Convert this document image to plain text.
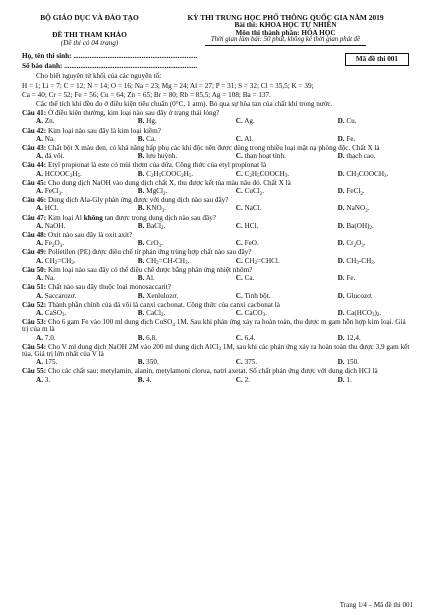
BỘ GIÁO DỤC VÀ ĐÀO TẠO
ĐỀ THI THAM KHẢO
(Đề thi có 04 trang)
KỲ THI TRUNG HỌC PHỔ THÔNG QUỐC GIA NĂM 2019
Bài thi: KHOA HỌC TỰ NHIÊN
Môn thi thành phần: HÓA HỌC
Thời gian làm bài: 50 phút, không kể thời gian phát đề
Họ, tên thí sinh: .....................................................................
Số báo danh: ..........................................................................
Mã đề thi 001
Cho biết nguyên tử khối của các nguyên tố:
H = 1; Li = 7; C = 12; N = 14; O = 16; Na = 23; Mg = 24; Al = 27; P = 31; S = 32; Cl = 35,5; K = 39;
Ca = 40; Cr = 52; Fe = 56; Cu = 64; Zn = 65; Br = 80; Rb = 85,5; Ag = 108; Ba = 137.
Các thể tích khí đều đo ở điều kiện tiêu chuẩn (0°C, 1 atm). Bỏ qua sự hòa tan của chất khí trong nước.
Câu 41: Ở điều kiện thường, kim loại nào sau đây ở trạng thái lỏng?
A. Zn.	B. Hg.	C. Ag.	D. Cu.
Câu 42: Kim loại nào sau đây là kim loại kiềm?
A. Na.	B. Ca.	C. Al.	D. Fe.
Câu 43: Chất bột X màu đen, có khả năng hấp phụ các khí độc nên được dùng trong nhiều loại mặt nạ phòng độc. Chất X là
A. đá vôi.	B. lưu huỳnh.	C. than hoạt tính.	D. thạch cao.
Câu 44: Etyl propionat là este có mùi thơm của dứa. Công thức của etyl propionat là
A. $HCOOC_2H_5$.	B. $C_2H_5COOC_2H_5$.	C. $C_2H_5COOCH_3$.	D. $CH_3COOCH_3$.
Câu 45: Cho dung dịch NaOH vào dung dịch chất X, thu được kết tủa màu nâu đỏ. Chất X là
A. FeCl$_3$.	B. MgCl$_2$.	C. CuCl$_2$.	D. FeCl$_2$.
Câu 46: Dung dịch Ala-Gly phản ứng được với dung dịch nào sau đây?
A. HCl.	B. $KNO_3$.	C. NaCl.	D. NaNO$_3$.
Câu 47: Kim loại Al không tan được trong dung dịch nào sau đây?
A. NaOH.	B. BaCl$_2$.	C. HCl.	D. $Ba(OH)_2$.
Câu 48: Oxit nào sau đây là oxit axit?
A. $Fe_2O_3$.	B. CrO$_3$.	C. FeO.	D. $Cr_2O_3$.
Câu 49: Polietilen (PE) được điều chế từ phản ứng trùng hợp chất nào sau đây?
A. $CH_2=CH_2$.	B. $CH_2=CH-CH_3$.	C. $CH_2=CHCl$.	D. $CH_3-CH_3$.
Câu 50: Kim loại nào sau đây có thể điều chế được bằng phản ứng nhiệt nhôm?
A. Na.	B. Al.	C. Ca.	D. Fe.
Câu 51: Chất nào sau đây thuộc loại monosaccarit?
A. Saccarozơ.	B. Xenlulozơ.	C. Tinh bột.	D. Glucozơ.
Câu 52: Thành phần chính của đá vôi là canxi cacbonat. Công thức của canxi cacbonat là
A. CaSO$_3$.	B. CaCl$_2$.	C. CaCO$_3$.	D. $Ca(HCO_3)_2$.
Câu 53: Cho 6 gam Fe vào 100 ml dung dịch CuSO$_4$ 1M. Sau khi phản ứng xảy ra hoàn toàn, thu được m gam hỗn hợp kim loại. Giá trị của m là
A. 7,0.	B. 6,8.	C. 6,4.	D. 12,4.
Câu 54: Cho V ml dung dịch NaOH 2M vào 200 ml dung dịch AlCl$_3$ 1M, sau khi các phản ứng xảy ra hoàn toàn thu được 3,9 gam kết tủa. Giá trị lớn nhất của V là
A. 175.	B. 350.	C. 375.	D. 150.
Câu 55: Cho các chất sau: metylamin, alanin, metylamoni clorua, natri axetat. Số chất phản ứng được với dung dịch HCl là
A. 3.	B. 4.	C. 2.	D. 1.
Trang 1/4 – Mã đề thi 001
